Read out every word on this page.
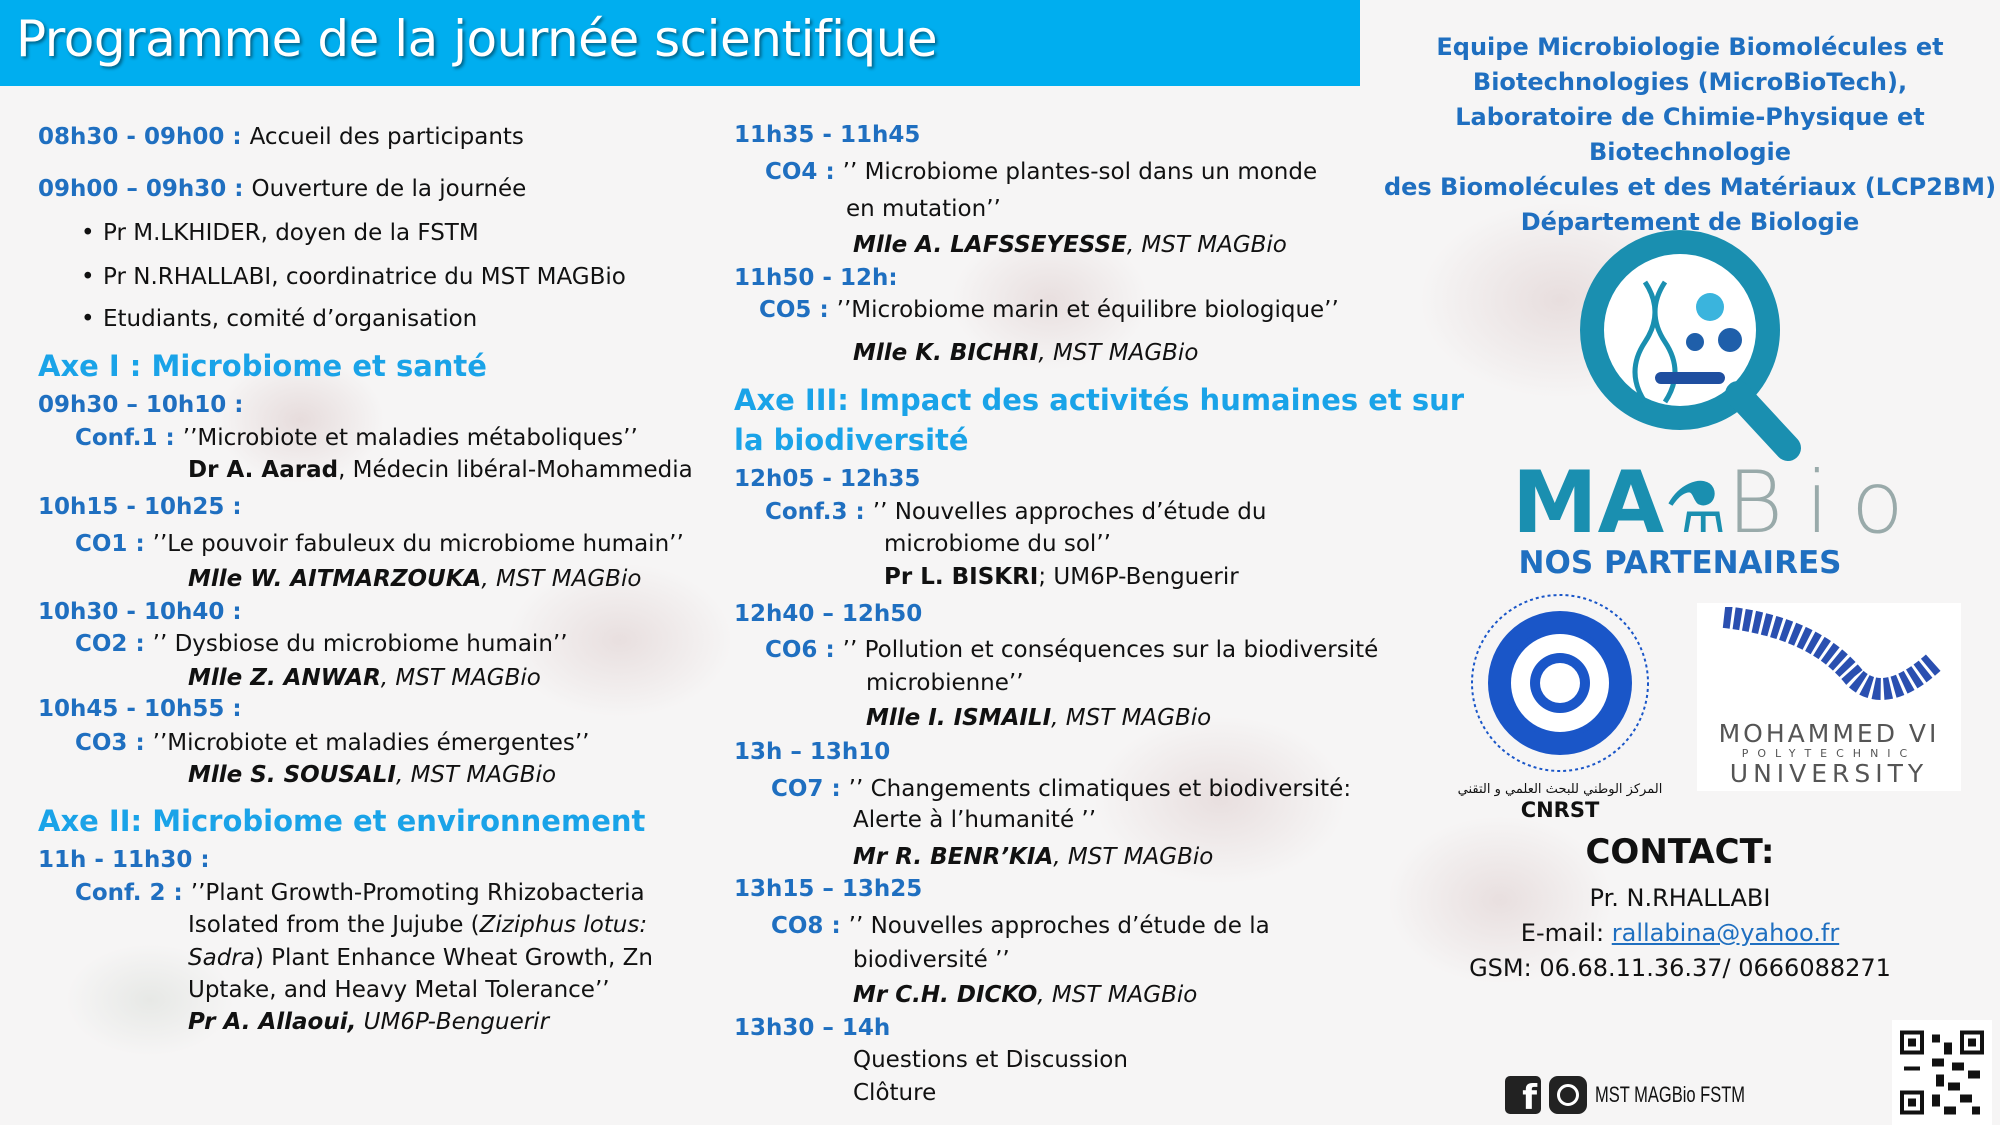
Programme de la journée scientifique
08h30 - 09h00 : Accueil des participants
09h00 – 09h30 : Ouverture de la journée
• Pr M.LKHIDER, doyen de la FSTM
• Pr N.RHALLABI, coordinatrice du MST MAGBio
• Etudiants, comité d’organisation
Axe I : Microbiome et santé
09h30 – 10h10 :
Conf.1 : ’’Microbiote et maladies métaboliques’’
Dr A. Aarad, Médecin libéral-Mohammedia
10h15 - 10h25 :
CO1 : ’’Le pouvoir fabuleux du microbiome humain’’
Mlle W. AITMARZOUKA, MST MAGBio
10h30 - 10h40 :
CO2 : ’’ Dysbiose du microbiome humain’’
Mlle Z. ANWAR, MST MAGBio
10h45 - 10h55 :
CO3 : ’’Microbiote et maladies émergentes’’
Mlle S. SOUSALI, MST MAGBio
Axe II: Microbiome et environnement
11h - 11h30 :
Conf. 2 : ’’Plant Growth-Promoting Rhizobacteria
Isolated from the Jujube (Ziziphus lotus:
Sadra) Plant Enhance Wheat Growth, Zn
Uptake, and Heavy Metal Tolerance’’
Pr A. Allaoui, UM6P-Benguerir
11h35 - 11h45
CO4 : ’’ Microbiome plantes-sol dans un monde
en mutation’’
Mlle A. LAFSSEYESSE, MST MAGBio
11h50 - 12h:
CO5 : ’’Microbiome marin et équilibre biologique’’
Mlle K. BICHRI, MST MAGBio
Axe III: Impact des activités humaines et sur
la biodiversité
12h05 - 12h35
Conf.3 : ’’ Nouvelles approches d’étude du
microbiome du sol’’
Pr L. BISKRI; UM6P-Benguerir
12h40 – 12h50
CO6 : ’’ Pollution et conséquences sur la biodiversité
microbienne’’
Mlle I. ISMAILI, MST MAGBio
13h – 13h10
CO7 : ’’ Changements climatiques et biodiversité:
Alerte à l’humanité ’’
Mr R. BENR’KIA, MST MAGBio
13h15 – 13h25
CO8 : ’’ Nouvelles approches d’étude de la
biodiversité ’’
Mr C.H. DICKO, MST MAGBio
13h30 – 14h
Questions et Discussion
Clôture
Equipe Microbiologie Biomolécules et
Biotechnologies (MicroBioTech),
Laboratoire de Chimie-Physique et Biotechnologie
des Biomolécules et des Matériaux (LCP2BM)
Département de Biologie
MA⚗Bio
NOS PARTENAIRES
المركز الوطني للبحث العلمي و التقني
CNRST
MOHAMMED VI
POLYTECHNIC
UNIVERSITY
CONTACT:
Pr. N.RHALLABI
E-mail: rallabina@yahoo.fr
GSM: 06.68.11.36.37/ 0666088271
f	MST MAGBio FSTM
